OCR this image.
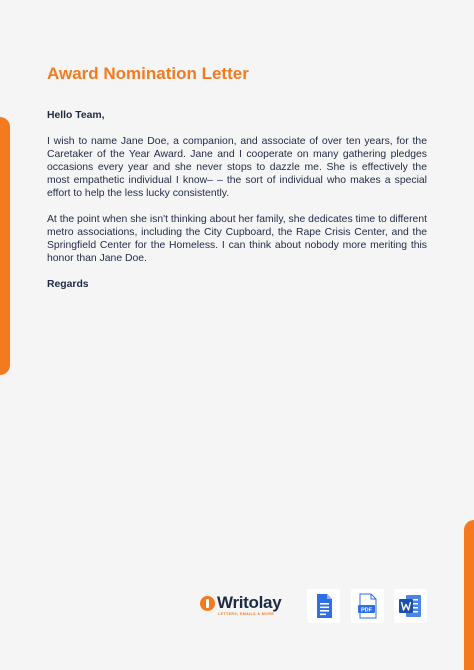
Award Nomination Letter

Hello Team,

I wish to name Jane Doe, a companion, and associate of over ten years, for the Caretaker of the Year Award. Jane and I cooperate on many gathering pledges occasions every year and she never stops to dazzle me. She is effectively the most empathetic individual I know– – the sort of individual who makes a special effort to help the less lucky consistently.

At the point when she isn't thinking about her family, she dedicates time to different metro associations, including the City Cupboard, the Rape Crisis Center, and the Springfield Center for the Homeless. I can think about nobody more meriting this honor than Jane Doe.

Regards

Writolay
LETTERS, EMAILS & MORE
PDF
